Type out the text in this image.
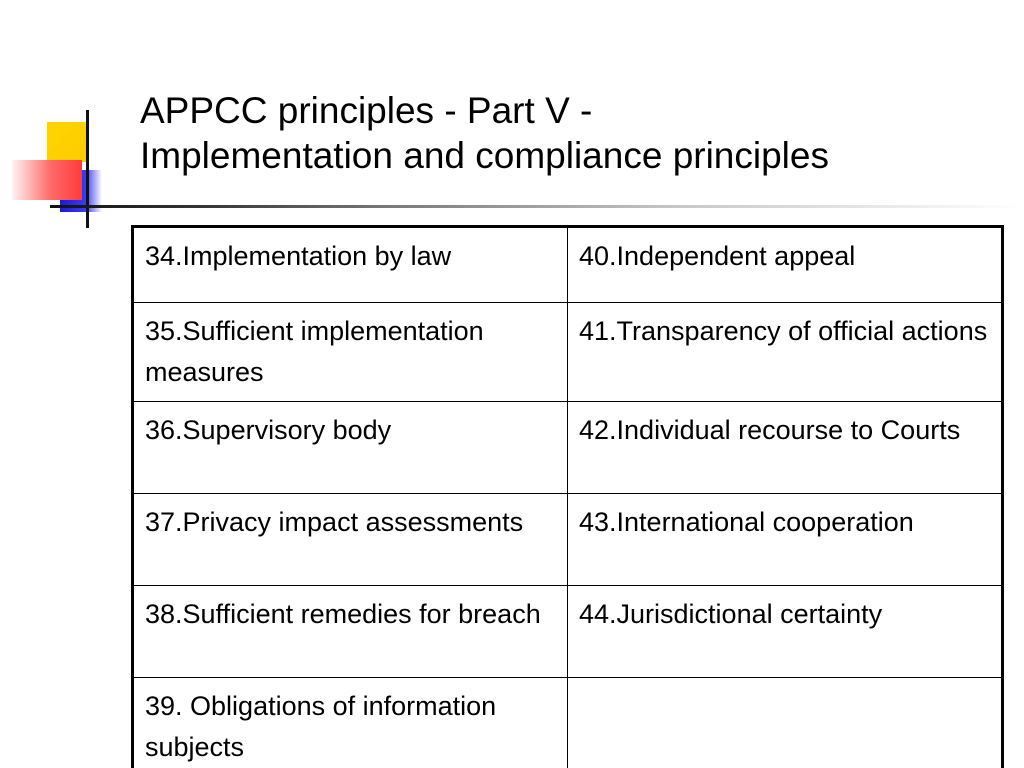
APPCC principles - Part V -
Implementation and compliance principles
34.Implementation by law	40.Independent appeal
35.Sufficient implementation measures	41.Transparency of official actions
36.Supervisory body	42.Individual recourse to Courts
37.Privacy impact assessments	43.International cooperation
38.Sufficient remedies for breach	44.Jurisdictional certainty
39. Obligations of information subjects	
